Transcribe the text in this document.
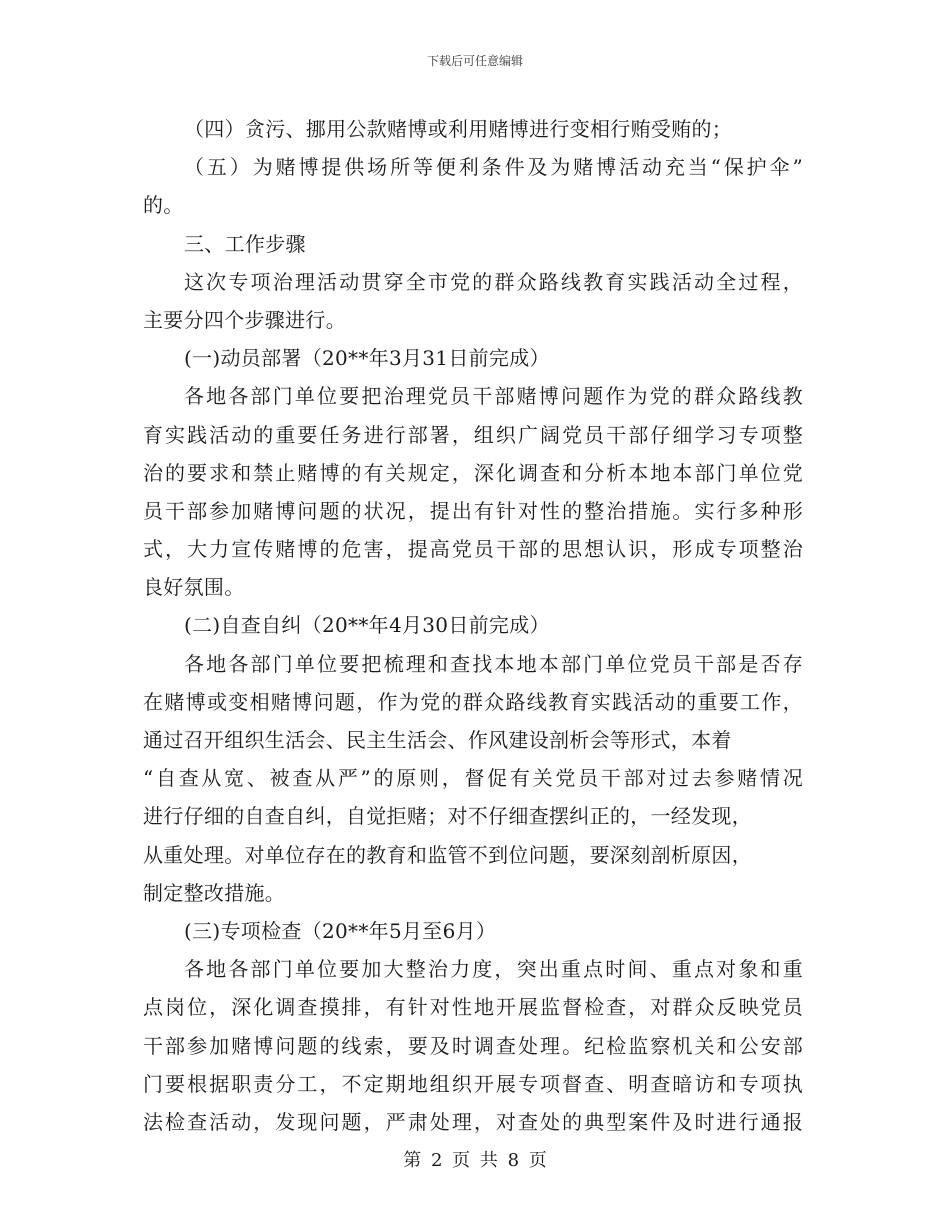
下载后可任意编辑
（四）贪污、挪用公款赌博或利用赌博进行变相行贿受贿的；
（五）为赌博提供场所等便利条件及为赌博活动充当“保护伞”
的。
三、工作步骤
这次专项治理活动贯穿全市党的群众路线教育实践活动全过程，
主要分四个步骤进行。
(一)动员部署（20**年3月31日前完成）
各地各部门单位要把治理党员干部赌博问题作为党的群众路线教
育实践活动的重要任务进行部署，组织广阔党员干部仔细学习专项整
治的要求和禁止赌博的有关规定，深化调查和分析本地本部门单位党
员干部参加赌博问题的状况，提出有针对性的整治措施。实行多种形
式，大力宣传赌博的危害，提高党员干部的思想认识，形成专项整治
良好氛围。
(二)自查自纠（20**年4月30日前完成）
各地各部门单位要把梳理和查找本地本部门单位党员干部是否存
在赌博或变相赌博问题，作为党的群众路线教育实践活动的重要工作，
通过召开组织生活会、民主生活会、作风建设剖析会等形式，本着
“自查从宽、被查从严”的原则，督促有关党员干部对过去参赌情况
进行仔细的自查自纠，自觉拒赌；对不仔细查摆纠正的，一经发现，
从重处理。对单位存在的教育和监管不到位问题，要深刻剖析原因，
制定整改措施。
(三)专项检查（20**年5月至6月）
各地各部门单位要加大整治力度，突出重点时间、重点对象和重
点岗位，深化调查摸排，有针对性地开展监督检查，对群众反映党员
干部参加赌博问题的线索，要及时调查处理。纪检监察机关和公安部
门要根据职责分工，不定期地组织开展专项督查、明查暗访和专项执
法检查活动，发现问题，严肃处理，对查处的典型案件及时进行通报
第 2 页 共 8 页
